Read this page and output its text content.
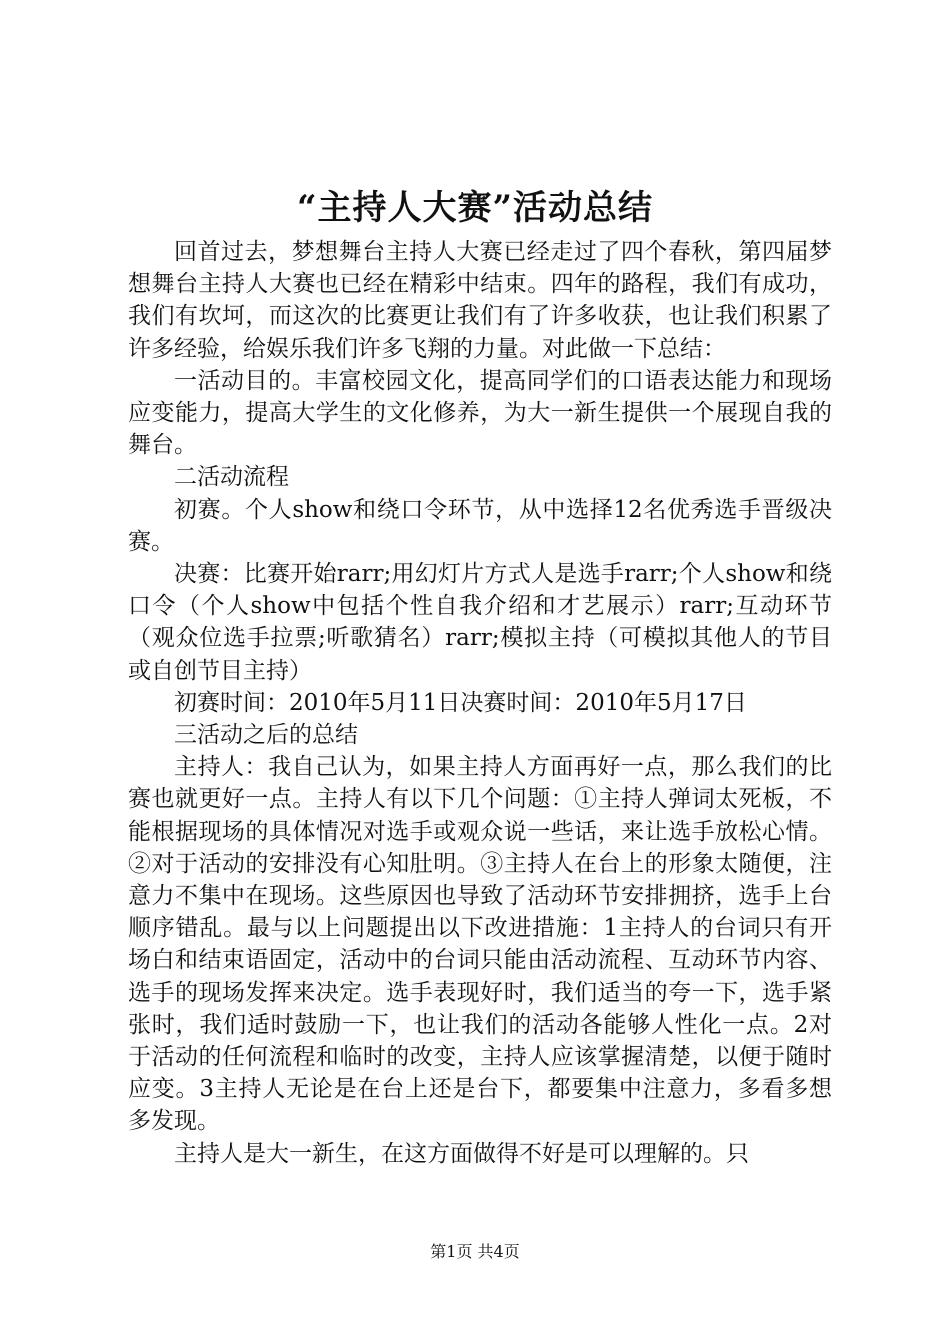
“主持人大赛”活动总结

回首过去，梦想舞台主持人大赛已经走过了四个春秋，第四届梦想舞台主持人大赛也已经在精彩中结束。四年的路程，我们有成功，我们有坎坷，而这次的比赛更让我们有了许多收获，也让我们积累了许多经验，给娱乐我们许多飞翔的力量。对此做一下总结：

一活动目的。丰富校园文化，提高同学们的口语表达能力和现场应变能力，提高大学生的文化修养，为大一新生提供一个展现自我的舞台。

二活动流程

初赛。个人show和绕口令环节，从中选择12名优秀选手晋级决赛。

决赛：比赛开始rarr;用幻灯片方式人是选手rarr;个人show和绕口令（个人show中包括个性自我介绍和才艺展示）rarr;互动环节（观众位选手拉票;听歌猜名）rarr;模拟主持（可模拟其他人的节目或自创节目主持）

初赛时间：2010年5月11日决赛时间：2010年5月17日

三活动之后的总结

主持人：我自己认为，如果主持人方面再好一点，那么我们的比赛也就更好一点。主持人有以下几个问题：①主持人弹词太死板，不能根据现场的具体情况对选手或观众说一些话，来让选手放松心情。②对于活动的安排没有心知肚明。③主持人在台上的形象太随便，注意力不集中在现场。这些原因也导致了活动环节安排拥挤，选手上台顺序错乱。最与以上问题提出以下改进措施：1主持人的台词只有开场白和结束语固定，活动中的台词只能由活动流程、互动环节内容、选手的现场发挥来决定。选手表现好时，我们适当的夸一下，选手紧张时，我们适时鼓励一下，也让我们的活动各能够人性化一点。2对于活动的任何流程和临时的改变，主持人应该掌握清楚，以便于随时应变。3主持人无论是在台上还是台下，都要集中注意力，多看多想多发现。

主持人是大一新生，在这方面做得不好是可以理解的。只

第1页 共4页
